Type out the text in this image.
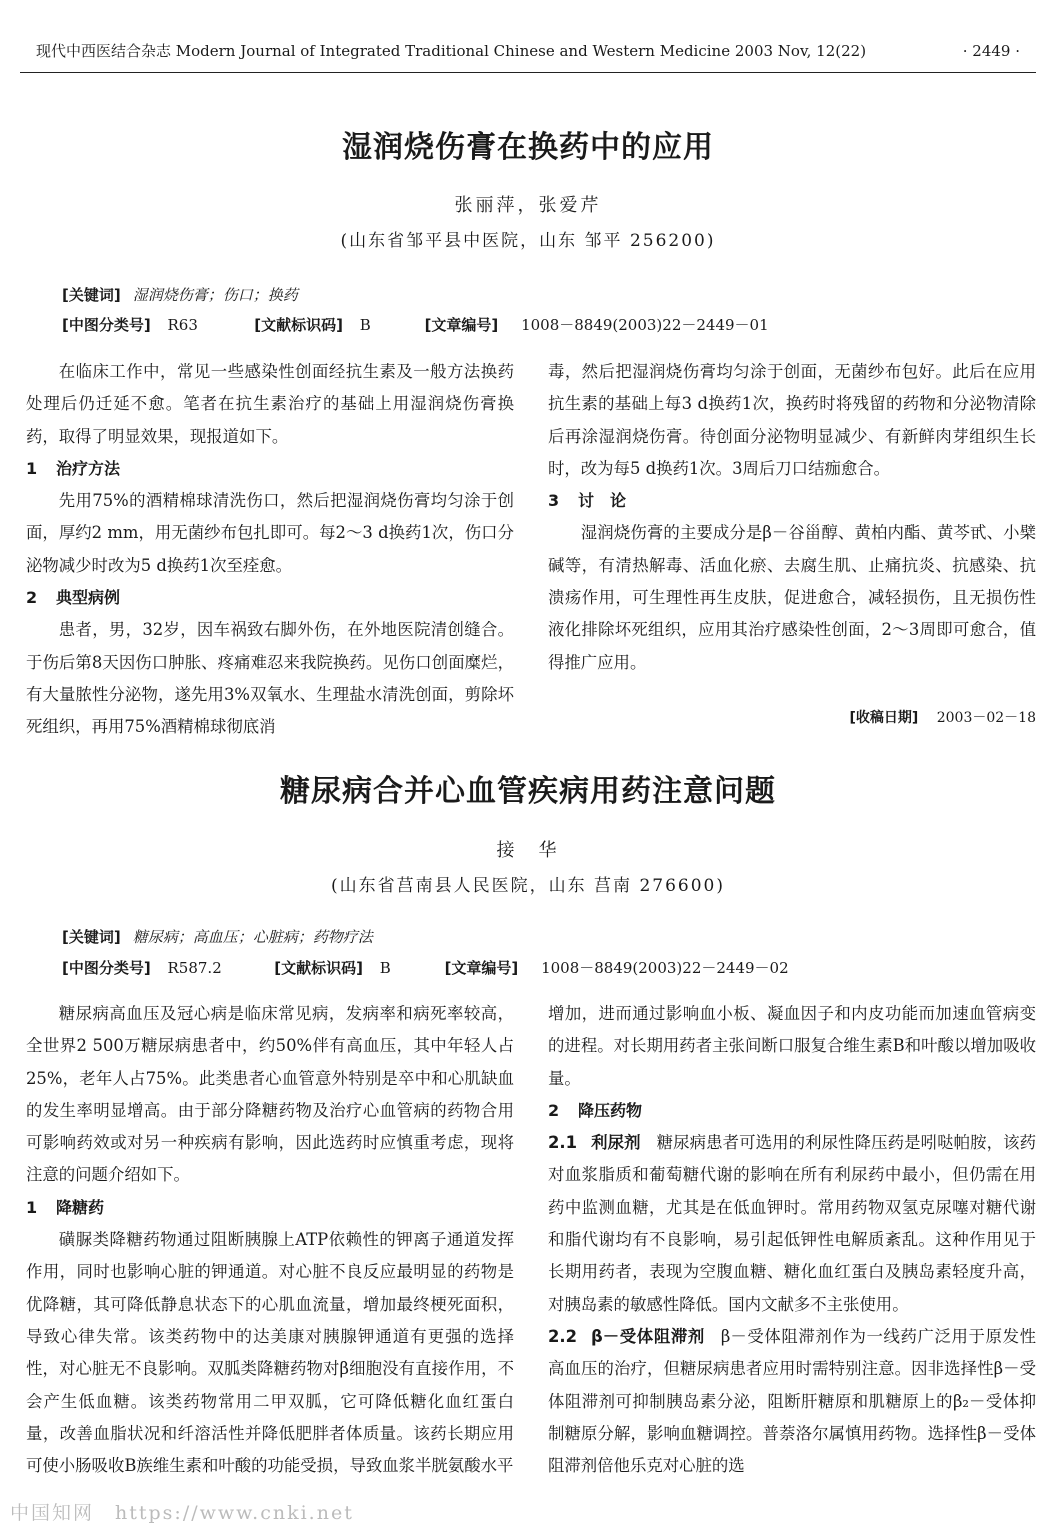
现代中西医结合杂志 Modern Journal of Integrated Traditional Chinese and Western Medicine 2003 Nov, 12(22)	· 2449 ·
湿润烧伤膏在换药中的应用
张丽萍，张爱芹
(山东省邹平县中医院，山东 邹平 256200)
[关键词] 湿润烧伤膏；伤口；换药
[中图分类号] R63	[文献标识码] B	[文章编号] 1008－8849(2003)22－2449－01

在临床工作中，常见一些感染性创面经抗生素及一般方法换药处理后仍迁延不愈。笔者在抗生素治疗的基础上用湿润烧伤膏换药，取得了明显效果，现报道如下。

1 治疗方法

先用75%的酒精棉球清洗伤口，然后把湿润烧伤膏均匀涂于创面，厚约2 mm，用无菌纱布包扎即可。每2～3 d换药1次，伤口分泌物减少时改为5 d换药1次至痊愈。

2 典型病例

患者，男，32岁，因车祸致右脚外伤，在外地医院清创缝合。于伤后第8天因伤口肿胀、疼痛难忍来我院换药。见伤口创面糜烂，有大量脓性分泌物，遂先用3%双氧水、生理盐水清洗创面，剪除坏死组织，再用75%酒精棉球彻底消

毒，然后把湿润烧伤膏均匀涂于创面，无菌纱布包好。此后在应用抗生素的基础上每3 d换药1次，换药时将残留的药物和分泌物清除后再涂湿润烧伤膏。待创面分泌物明显减少、有新鲜肉芽组织生长时，改为每5 d换药1次。3周后刀口结痂愈合。

3 讨　论

湿润烧伤膏的主要成分是β－谷甾醇、黄柏内酯、黄芩甙、小檗碱等，有清热解毒、活血化瘀、去腐生肌、止痛抗炎、抗感染、抗溃疡作用，可生理性再生皮肤，促进愈合，减轻损伤，且无损伤性液化排除坏死组织，应用其治疗感染性创面，2～3周即可愈合，值得推广应用。

[收稿日期] 2003－02－18
糖尿病合并心血管疾病用药注意问题
接　华
(山东省莒南县人民医院，山东 莒南 276600)
[关键词] 糖尿病；高血压；心脏病；药物疗法
[中图分类号] R587.2	[文献标识码] B	[文章编号] 1008－8849(2003)22－2449－02

糖尿病高血压及冠心病是临床常见病，发病率和病死率较高，全世界2 500万糖尿病患者中，约50%伴有高血压，其中年轻人占25%，老年人占75%。此类患者心血管意外特别是卒中和心肌缺血的发生率明显增高。由于部分降糖药物及治疗心血管病的药物合用可影响药效或对另一种疾病有影响，因此选药时应慎重考虑，现将注意的问题介绍如下。

1 降糖药

磺脲类降糖药物通过阻断胰腺上ATP依赖性的钾离子通道发挥作用，同时也影响心脏的钾通道。对心脏不良反应最明显的药物是优降糖，其可降低静息状态下的心肌血流量，增加最终梗死面积，导致心律失常。该类药物中的达美康对胰腺钾通道有更强的选择性，对心脏无不良影响。双胍类降糖药物对β细胞没有直接作用，不会产生低血糖。该类药物常用二甲双胍，它可降低糖化血红蛋白量，改善血脂状况和纤溶活性并降低肥胖者体质量。该药长期应用可使小肠吸收B族维生素和叶酸的功能受损，导致血浆半胱氨酸水平

增加，进而通过影响血小板、凝血因子和内皮功能而加速血管病变的进程。对长期用药者主张间断口服复合维生素B和叶酸以增加吸收量。

2 降压药物

2.1 利尿剂 糖尿病患者可选用的利尿性降压药是吲哒帕胺，该药对血浆脂质和葡萄糖代谢的影响在所有利尿药中最小，但仍需在用药中监测血糖，尤其是在低血钾时。常用药物双氢克尿噻对糖代谢和脂代谢均有不良影响，易引起低钾性电解质紊乱。这种作用见于长期用药者，表现为空腹血糖、糖化血红蛋白及胰岛素轻度升高，对胰岛素的敏感性降低。国内文献多不主张使用。

2.2 β－受体阻滞剂 β－受体阻滞剂作为一线药广泛用于原发性高血压的治疗，但糖尿病患者应用时需特别注意。因非选择性β－受体阻滞剂可抑制胰岛素分泌，阻断肝糖原和肌糖原上的β₂－受体抑制糖原分解，影响血糖调控。普萘洛尔属慎用药物。选择性β－受体阻滞剂倍他乐克对心脏的选

中国知网　https://www.cnki.net
